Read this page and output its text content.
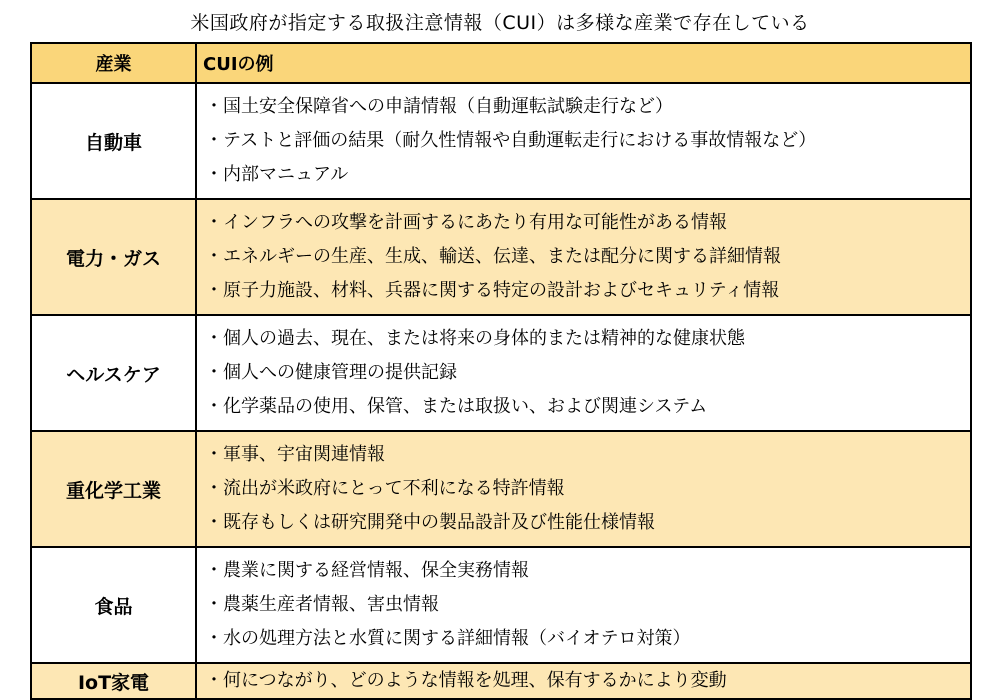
米国政府が指定する取扱注意情報（CUI）は多様な産業で存在している
産業	CUIの例
自動車	・国土安全保障省への申請情報（自動運転試験走行など）
・テストと評価の結果（耐久性情報や自動運転走行における事故情報など）
・内部マニュアル

電力・ガス	・インフラへの攻撃を計画するにあたり有用な可能性がある情報
・エネルギーの生産、生成、輸送、伝達、または配分に関する詳細情報
・原子力施設、材料、兵器に関する特定の設計およびセキュリティ情報

ヘルスケア	・個人の過去、現在、または将来の身体的または精神的な健康状態
・個人への健康管理の提供記録
・化学薬品の使用、保管、または取扱い、および関連システム

重化学工業	・軍事、宇宙関連情報
・流出が米政府にとって不利になる特許情報
・既存もしくは研究開発中の製品設計及び性能仕様情報

食品	・農業に関する経営情報、保全実務情報
・農薬生産者情報、害虫情報
・水の処理方法と水質に関する詳細情報（バイオテロ対策）

IoT家電	・何につながり、どのような情報を処理、保有するかにより変動
